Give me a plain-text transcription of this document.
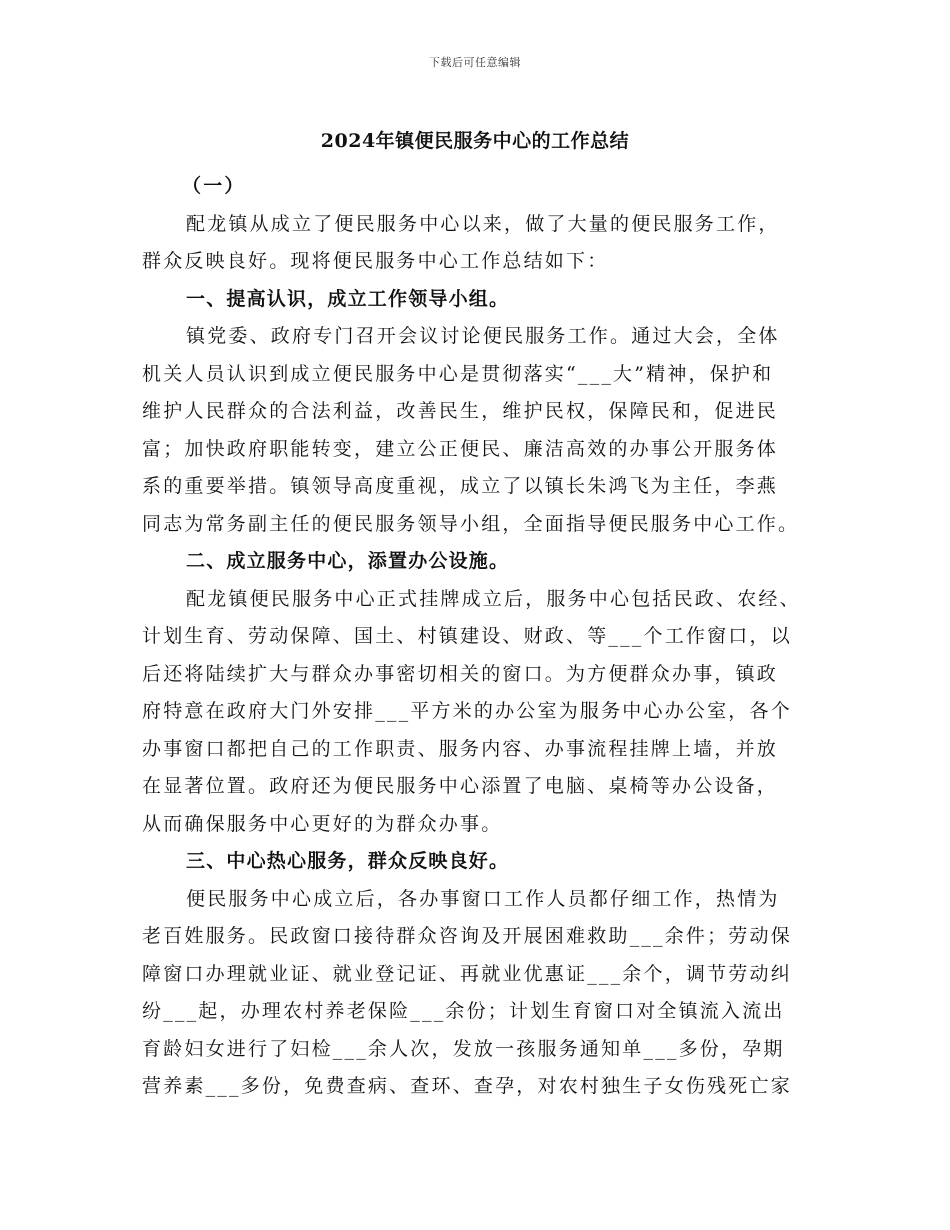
下载后可任意编辑
2024年镇便民服务中心的工作总结
（一）
配龙镇从成立了便民服务中心以来，做了大量的便民服务工作，
群众反映良好。现将便民服务中心工作总结如下：
一、提高认识，成立工作领导小组。
镇党委、政府专门召开会议讨论便民服务工作。通过大会，全体
机关人员认识到成立便民服务中心是贯彻落实“___大”精神，保护和
维护人民群众的合法利益，改善民生，维护民权，保障民和，促进民
富；加快政府职能转变，建立公正便民、廉洁高效的办事公开服务体
系的重要举措。镇领导高度重视，成立了以镇长朱鸿飞为主任，李燕
同志为常务副主任的便民服务领导小组，全面指导便民服务中心工作。
二、成立服务中心，添置办公设施。
配龙镇便民服务中心正式挂牌成立后，服务中心包括民政、农经、
计划生育、劳动保障、国土、村镇建设、财政、等___个工作窗口，以
后还将陆续扩大与群众办事密切相关的窗口。为方便群众办事，镇政
府特意在政府大门外安排___平方米的办公室为服务中心办公室，各个
办事窗口都把自己的工作职责、服务内容、办事流程挂牌上墙，并放
在显著位置。政府还为便民服务中心添置了电脑、桌椅等办公设备，
从而确保服务中心更好的为群众办事。
三、中心热心服务，群众反映良好。
便民服务中心成立后，各办事窗口工作人员都仔细工作，热情为
老百姓服务。民政窗口接待群众咨询及开展困难救助___余件；劳动保
障窗口办理就业证、就业登记证、再就业优惠证___余个，调节劳动纠
纷___起，办理农村养老保险___余份；计划生育窗口对全镇流入流出
育龄妇女进行了妇检___余人次，发放一孩服务通知单___多份，孕期
营养素___多份，免费查病、查环、查孕，对农村独生子女伤残死亡家
